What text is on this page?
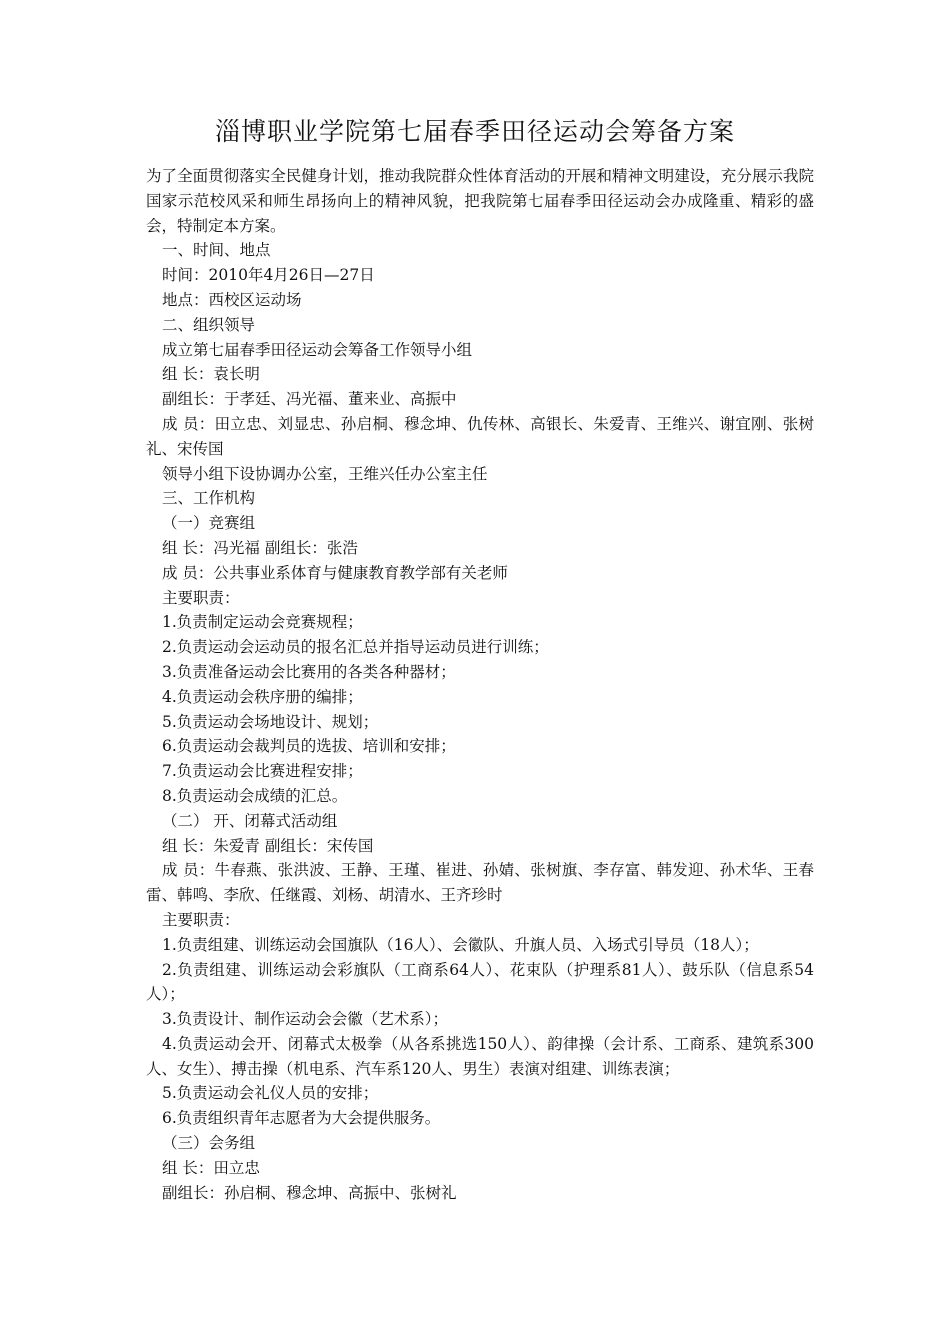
淄博职业学院第七届春季田径运动会筹备方案

为了全面贯彻落实全民健身计划，推动我院群众性体育活动的开展和精神文明建设，充分展示我院国家示范校风采和师生昂扬向上的精神风貌，把我院第七届春季田径运动会办成隆重、精彩的盛会，特制定本方案。

一、时间、地点

时间：2010年4月26日—27日

地点：西校区运动场

二、组织领导

成立第七届春季田径运动会筹备工作领导小组

组 长：袁长明

副组长：于孝廷、冯光福、董来业、高振中

成 员：田立忠、刘显忠、孙启桐、穆念坤、仇传林、高银长、朱爱青、王维兴、谢宜刚、张树礼、宋传国

领导小组下设协调办公室，王维兴任办公室主任

三、工作机构

（一）竞赛组

组 长：冯光福 副组长：张浩

成 员：公共事业系体育与健康教育教学部有关老师

主要职责：

1.负责制定运动会竞赛规程；

2.负责运动会运动员的报名汇总并指导运动员进行训练；

3.负责准备运动会比赛用的各类各种器材；

4.负责运动会秩序册的编排；

5.负责运动会场地设计、规划；

6.负责运动会裁判员的选拔、培训和安排；

7.负责运动会比赛进程安排；

8.负责运动会成绩的汇总。

（二） 开、闭幕式活动组

组 长：朱爱青 副组长：宋传国

成 员：牛春燕、张洪波、王静、王瑾、崔进、孙婧、张树旗、李存富、韩发迎、孙术华、王春雷、韩鸣、李欣、任继霞、刘杨、胡清水、王齐珍时

主要职责：

1.负责组建、训练运动会国旗队（16人）、会徽队、升旗人员、入场式引导员（18人）；

2.负责组建、训练运动会彩旗队（工商系64人）、花束队（护理系81人）、鼓乐队（信息系54人）；

3.负责设计、制作运动会会徽（艺术系）；

4.负责运动会开、闭幕式太极拳（从各系挑选150人）、韵律操（会计系、工商系、建筑系300人、女生）、搏击操（机电系、汽车系120人、男生）表演对组建、训练表演；

5.负责运动会礼仪人员的安排；

6.负责组织青年志愿者为大会提供服务。

（三）会务组

组 长：田立忠

副组长：孙启桐、穆念坤、高振中、张树礼
